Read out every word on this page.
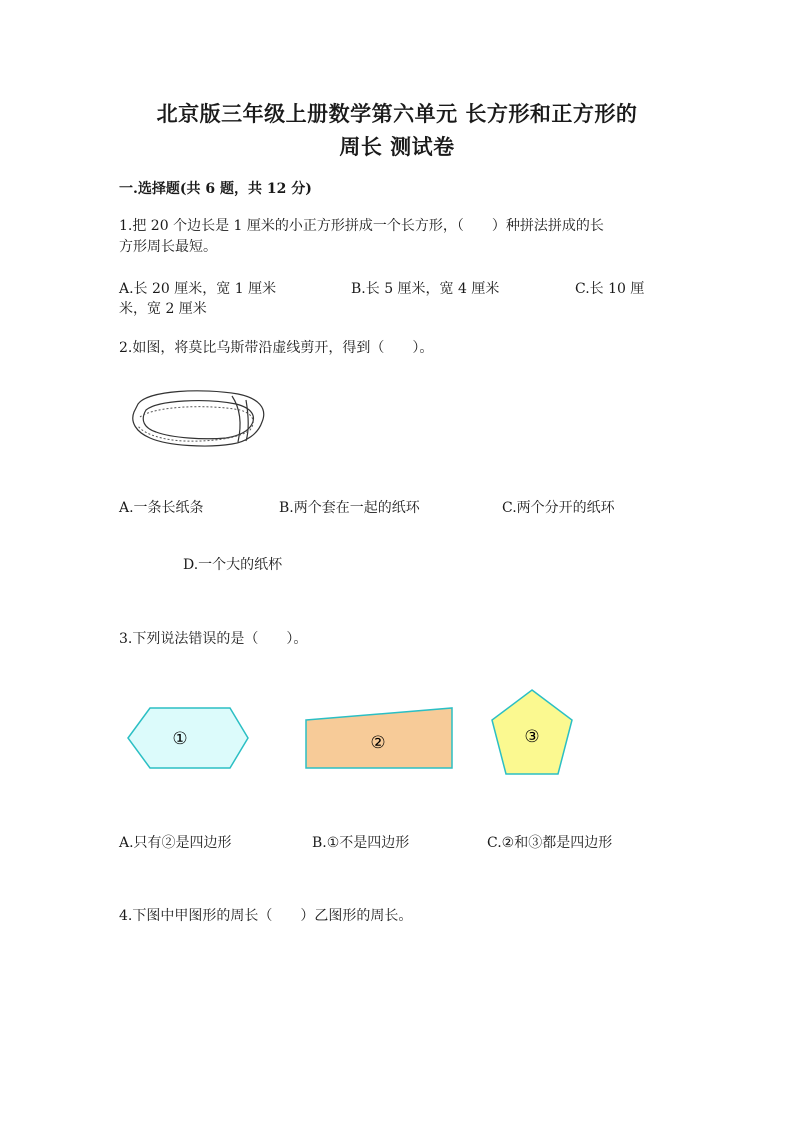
北京版三年级上册数学第六单元 长方形和正方形的
周长 测试卷
一.选择题(共 6 题，共 12 分)
1.把 20 个边长是 1 厘米的小正方形拼成一个长方形，（　　）种拼法拼成的长
方形周长最短。
A.长 20 厘米，宽 1 厘米	B.长 5 厘米，宽 4 厘米	C.长 10 厘
米，宽 2 厘米
2.如图，将莫比乌斯带沿虚线剪开，得到（　　）。
A.一条长纸条	B.两个套在一起的纸环	C.两个分开的纸环
D.一个大的纸杯
3.下列说法错误的是（　　）。
①	②	③
A.只有②是四边形	B.①不是四边形	C.②和③都是四边形
4.下图中甲图形的周长（　　）乙图形的周长。
